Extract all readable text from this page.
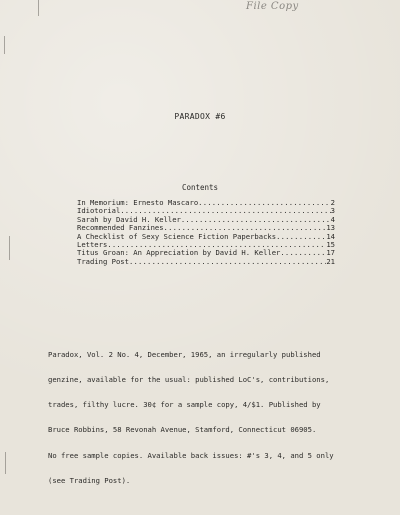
File Copy
PARADOX #6
Contents
In Memorium: Ernesto Mascaro .....	2
Idiotorial .....	3
Sarah by David H. Keller .....	4
Recommended Fanzines .....	13
A Checklist of Sexy Science Fiction Paperbacks .....	14
Letters .....	15
Titus Groan: An Appreciation by David H. Keller .....	17
Trading Post .....	21

Paradox, Vol. 2 No. 4, December, 1965, an irregularly published

genzine, available for the usual: published LoC's, contributions,

trades, filthy lucre. 30¢ for a sample copy, 4/$1. Published by

Bruce Robbins, 58 Revonah Avenue, Stamford, Connecticut 06905.

No free sample copies. Available back issues: #'s 3, 4, and 5 only

(see Trading Post).
